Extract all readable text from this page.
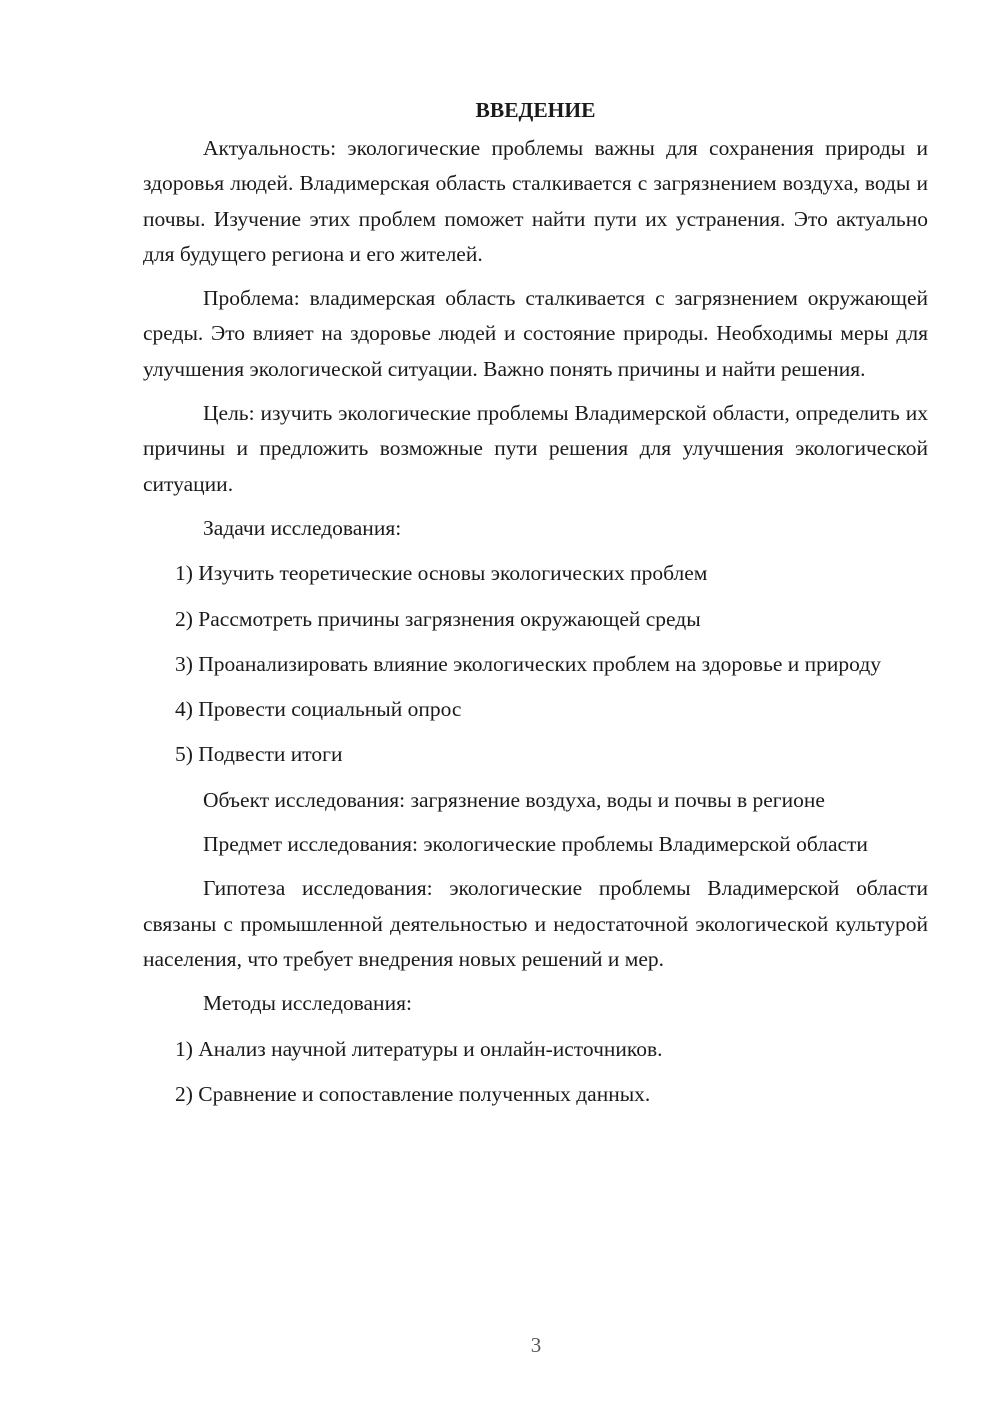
ВВЕДЕНИЕ

Актуальность: экологические проблемы важны для сохранения природы и здоровья людей. Владимерская область сталкивается с загрязнением воздуха, воды и почвы. Изучение этих проблем поможет найти пути их устранения. Это актуально для будущего региона и его жителей.

Проблема: владимерская область сталкивается с загрязнением окружающей среды. Это влияет на здоровье людей и состояние природы. Необходимы меры для улучшения экологической ситуации. Важно понять причины и найти решения.

Цель: изучить экологические проблемы Владимерской области, определить их причины и предложить возможные пути решения для улучшения экологической ситуации.

Задачи исследования:

1) Изучить теоретические основы экологических проблем

2) Рассмотреть причины загрязнения окружающей среды

3) Проанализировать влияние экологических проблем на здоровье и природу

4) Провести социальный опрос

5) Подвести итоги

Объект исследования: загрязнение воздуха, воды и почвы в регионе

Предмет исследования: экологические проблемы Владимерской области

Гипотеза исследования: экологические проблемы Владимерской области связаны с промышленной деятельностью и недостаточной экологической культурой населения, что требует внедрения новых решений и мер.

Методы исследования:

1) Анализ научной литературы и онлайн-источников.

2) Сравнение и сопоставление полученных данных.

3
